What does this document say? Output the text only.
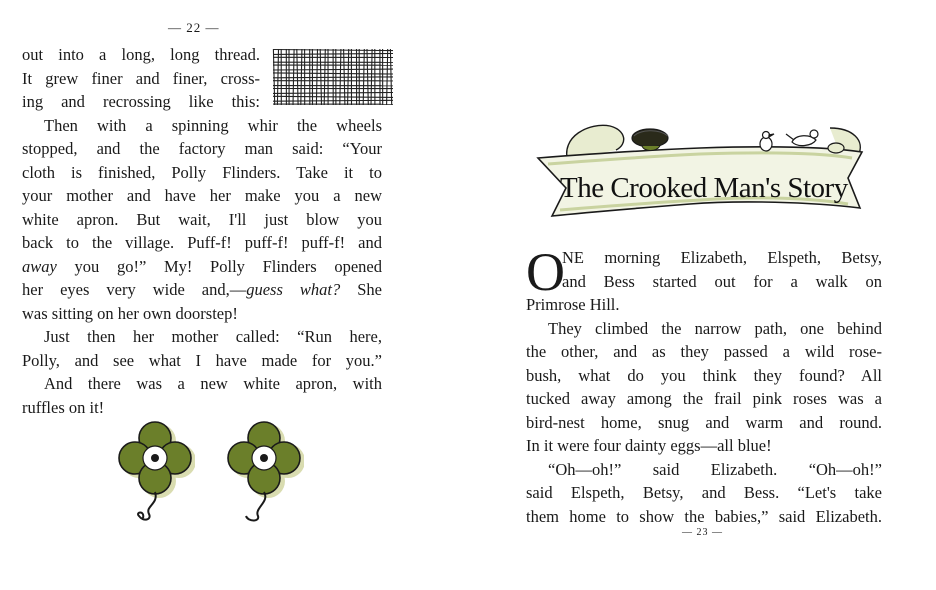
— 22 —
out into a long, long thread.
It grew finer and finer, cross-
ing and recrossing like this:
Then with a spinning whir the wheels
stopped, and the factory man said: “Your
cloth is finished, Polly Flinders. Take it to
your mother and have her make you a new
white apron. But wait, I'll just blow you
back to the village. Puff-f! puff-f! puff-f! and
away you go!” My! Polly Flinders opened
her eyes very wide and,—guess what? She
was sitting on her own doorstep!
Just then her mother called: “Run here,
Polly, and see what I have made for you.”
And there was a new white apron, with
ruffles on it!
The Crooked Man's Story
O
NE morning Elizabeth, Elspeth, Betsy,
and Bess started out for a walk on
Primrose Hill.
They climbed the narrow path, one behind
the other, and as they passed a wild rose-
bush, what do you think they found? All
tucked away among the frail pink roses was a
bird-nest home, snug and warm and round.
In it were four dainty eggs—all blue!
“Oh—oh!” said Elizabeth. “Oh—oh!”
said Elspeth, Betsy, and Bess. “Let's take
them home to show the babies,” said Elizabeth.
— 23 —
